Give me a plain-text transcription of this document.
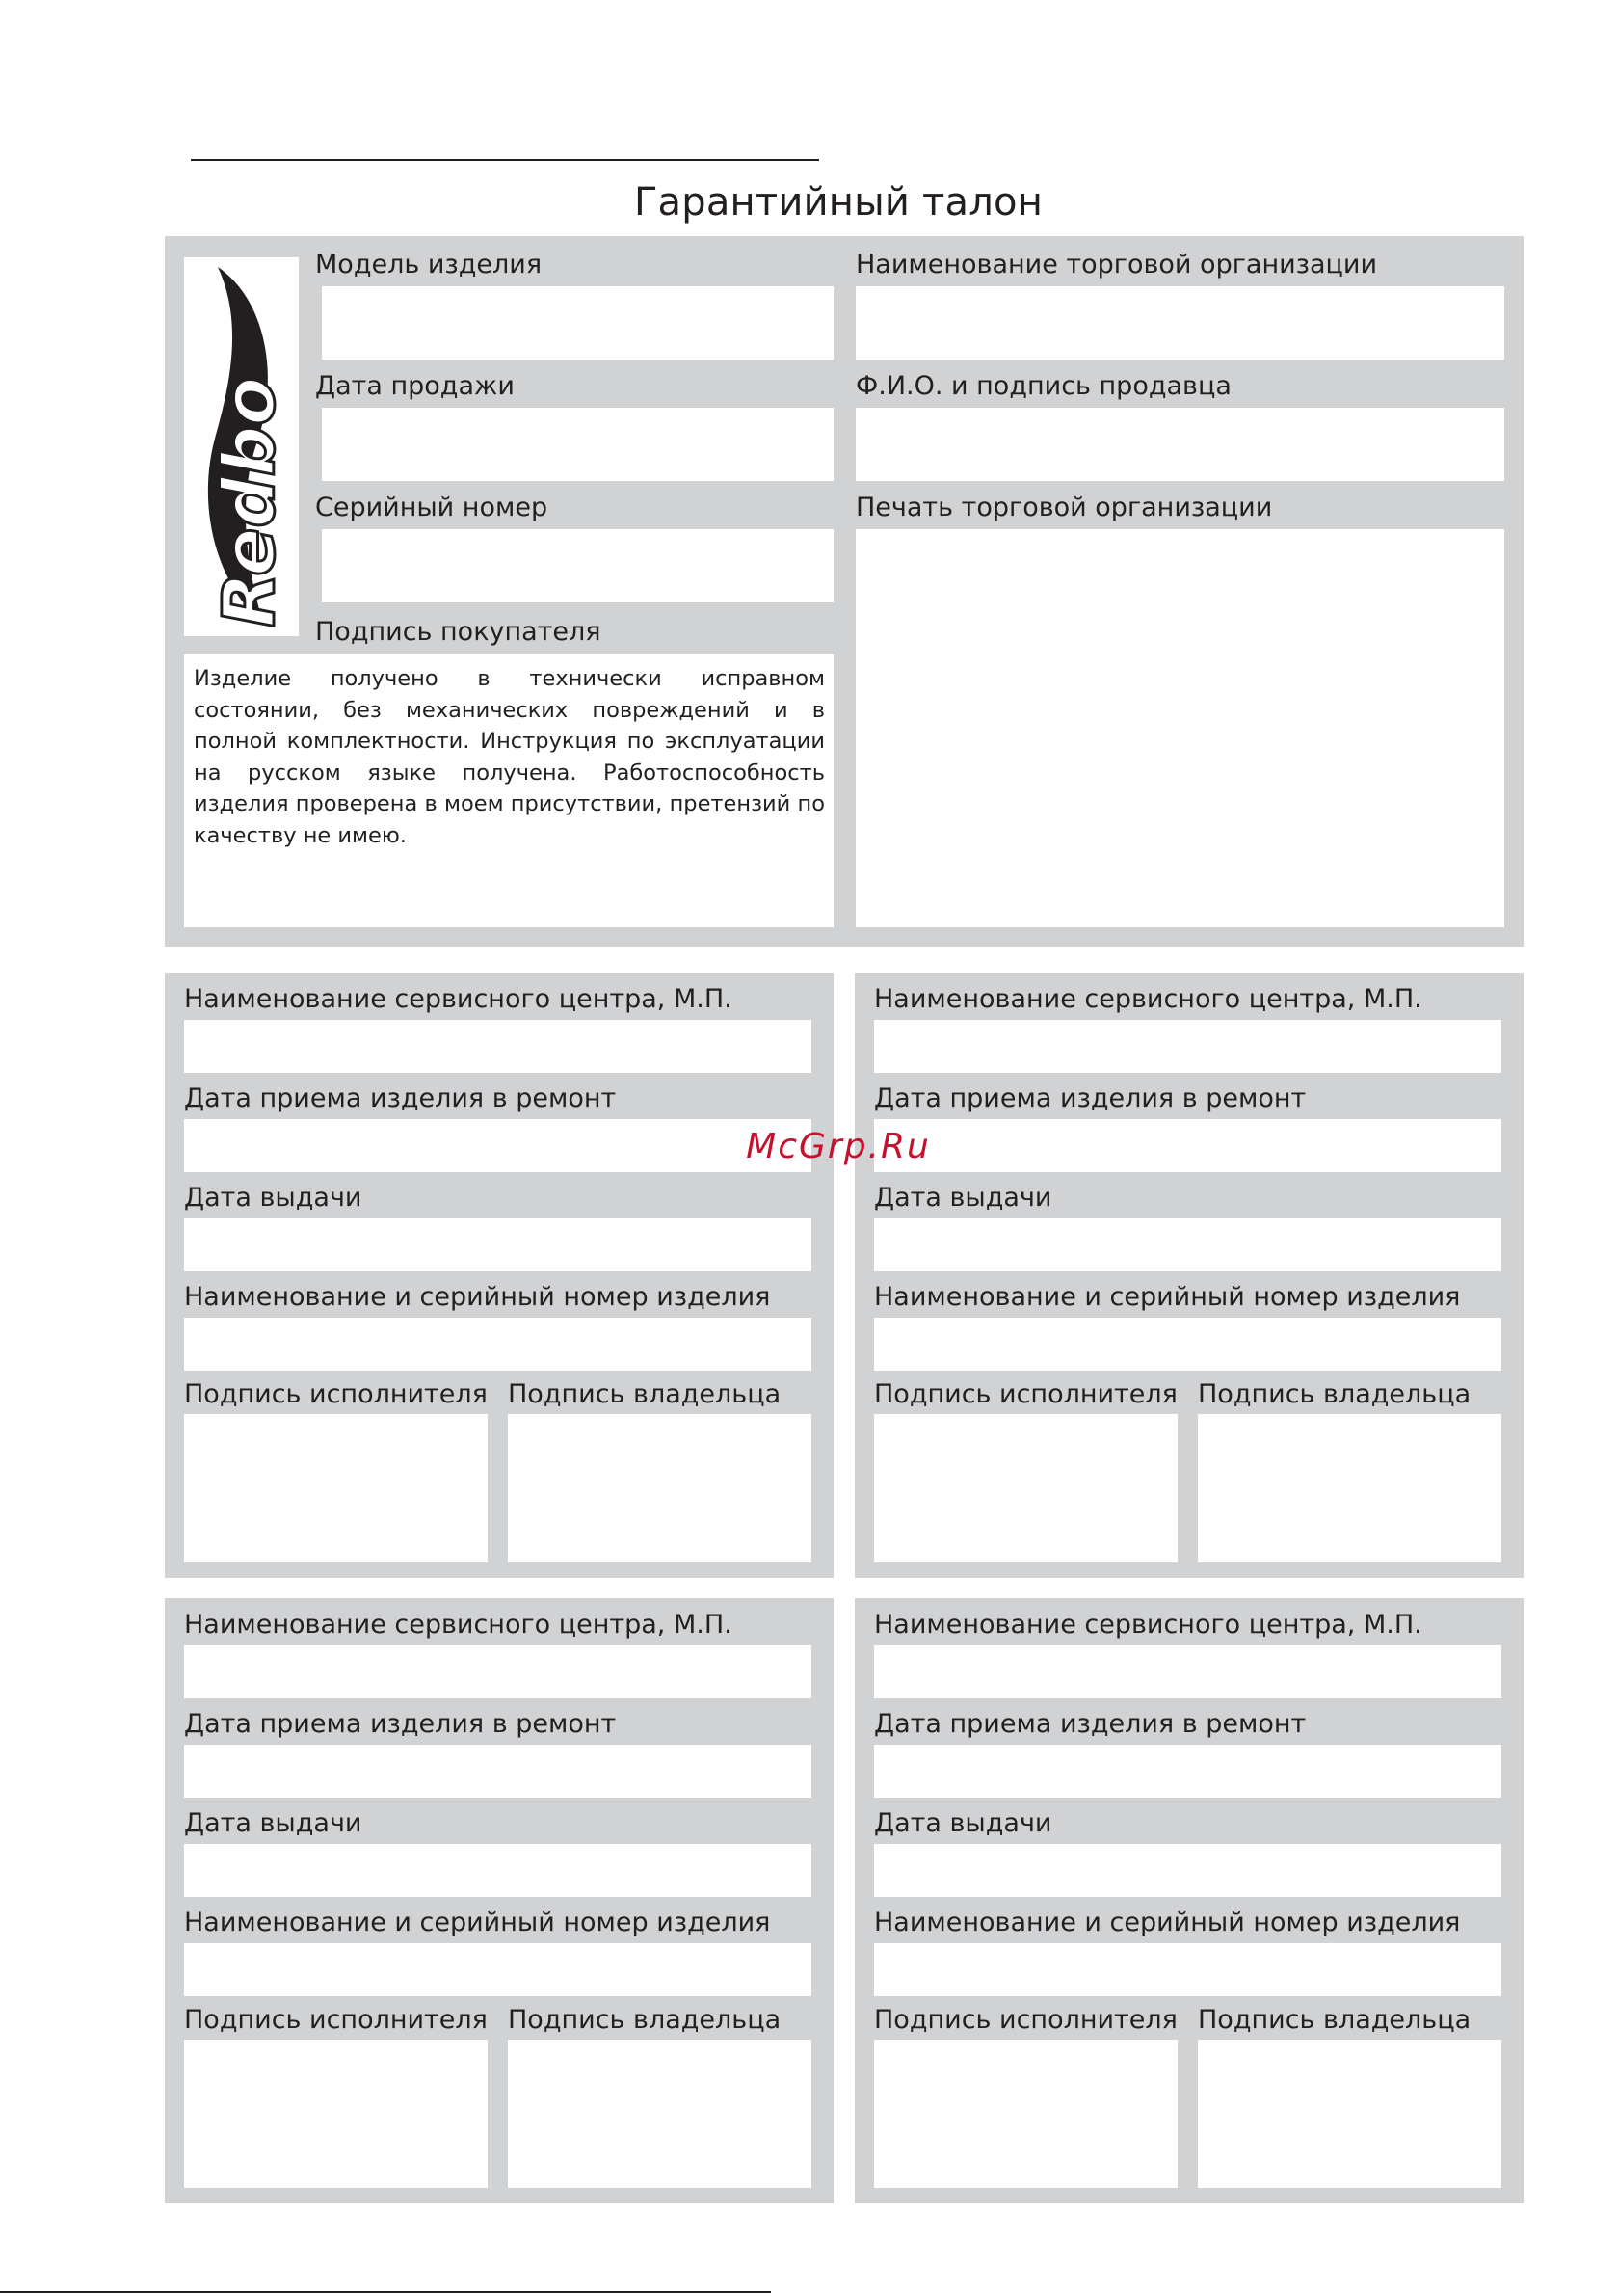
Гарантийный талон
Redbo
Модель изделия
Дата продажи
Серийный номер
Подпись покупателя
Изделие получено в технически исправном состоянии, без механических повреждений и в полной комплектности. Инструкция по эксплуатации на русском языке получена. Работоспособность изделия проверена в моем присутствии, претензий по качеству не имею.
Наименование торговой организации
Ф.И.О. и подпись продавца
Печать торговой организации
Наименование сервисного центра, М.П.
Дата приема изделия в ремонт
Дата выдачи
Наименование и серийный номер изделия
Подпись исполнителя Подпись владельца
Наименование сервисного центра, М.П.
Дата приема изделия в ремонт
Дата выдачи
Наименование и серийный номер изделия
Подпись исполнителя Подпись владельца
Наименование сервисного центра, М.П.
Дата приема изделия в ремонт
Дата выдачи
Наименование и серийный номер изделия
Подпись исполнителя Подпись владельца
Наименование сервисного центра, М.П.
Дата приема изделия в ремонт
Дата выдачи
Наименование и серийный номер изделия
Подпись исполнителя Подпись владельца
McGrp.Ru
